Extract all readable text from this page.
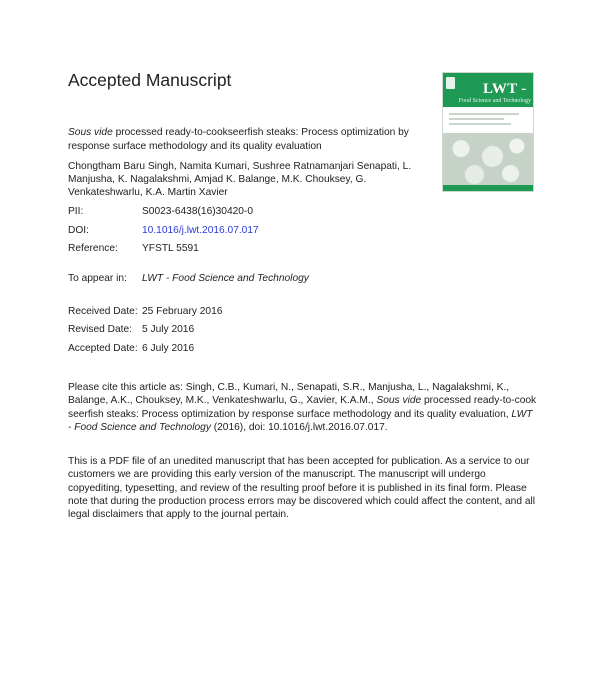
Accepted Manuscript	LWT -
Food Science and Technology
Sous vide processed ready-to-cookseerfish steaks: Process optimization by response surface methodology and its quality evaluation
Chongtham Baru Singh, Namita Kumari, Sushree Ratnamanjari Senapati, L. Manjusha, K. Nagalakshmi, Amjad K. Balange, M.K. Chouksey, G. Venkateshwarlu, K.A. Martin Xavier
PII:	S0023-6438(16)30420-0
DOI:	10.1016/j.lwt.2016.07.017
Reference: YFSTL 5591
To appear in: LWT - Food Science and Technology
Received Date: 25 February 2016
Revised Date: 5 July 2016
Accepted Date: 6 July 2016
Please cite this article as: Singh, C.B., Kumari, N., Senapati, S.R., Manjusha, L., Nagalakshmi, K., Balange, A.K., Chouksey, M.K., Venkateshwarlu, G., Xavier, K.A.M., Sous vide processed ready-to-cook seerfish steaks: Process optimization by response surface methodology and its quality evaluation, LWT - Food Science and Technology (2016), doi: 10.1016/j.lwt.2016.07.017.
This is a PDF file of an unedited manuscript that has been accepted for publication. As a service to our customers we are providing this early version of the manuscript. The manuscript will undergo copyediting, typesetting, and review of the resulting proof before it is published in its final form. Please note that during the production process errors may be discovered which could affect the content, and all legal disclaimers that apply to the journal pertain.
